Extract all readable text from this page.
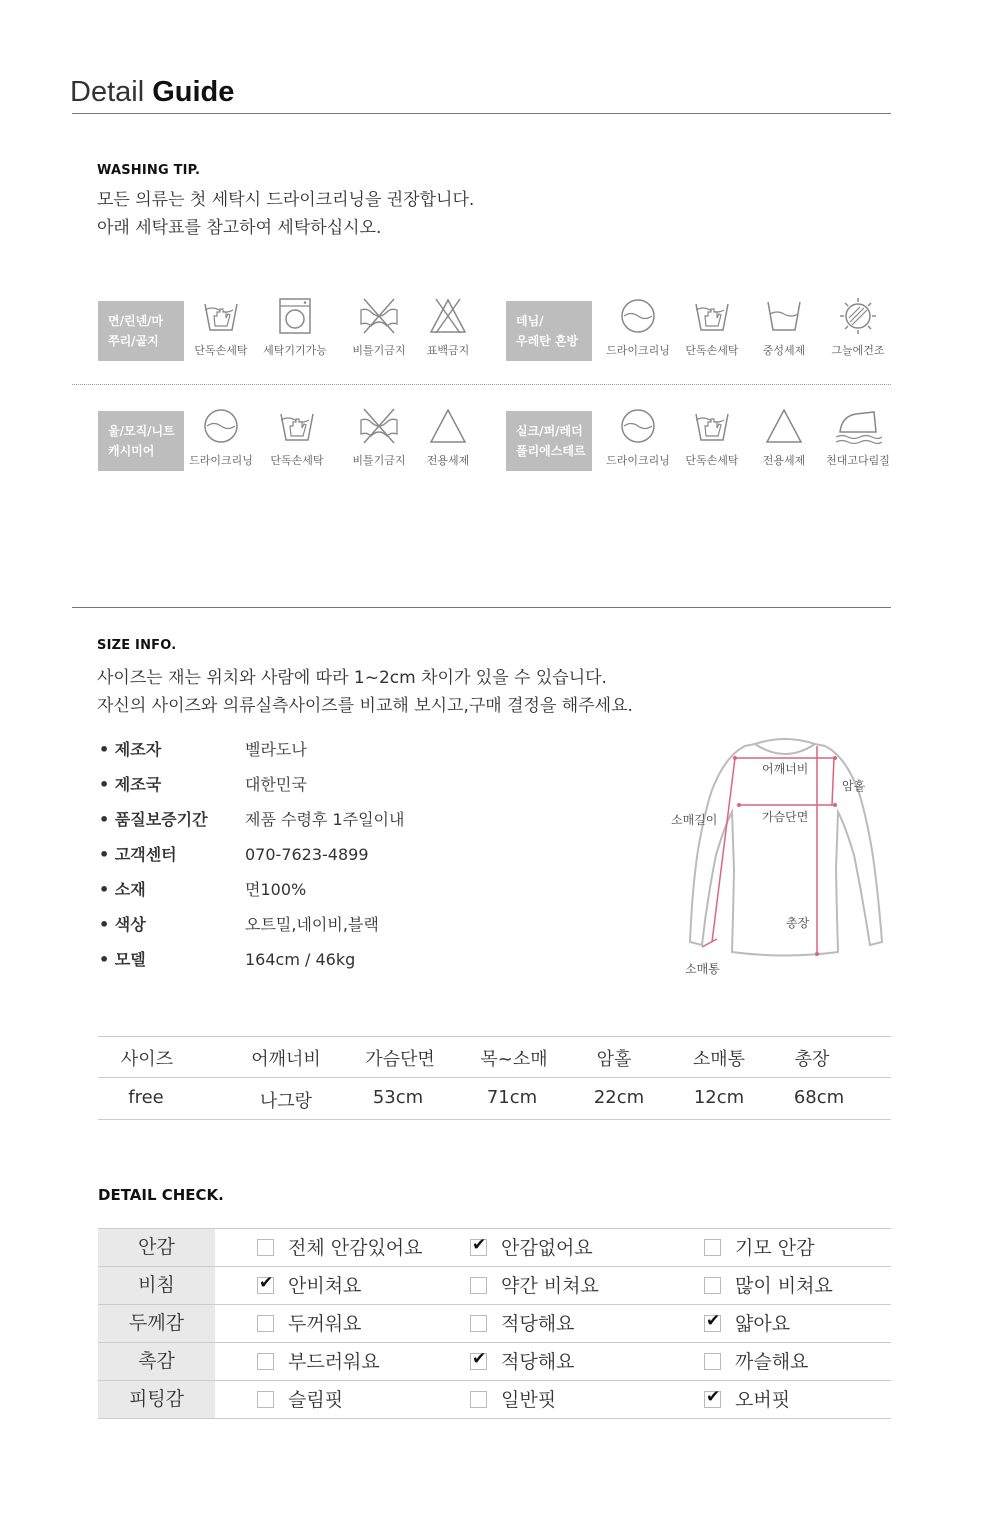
Detail Guide
WASHING TIP.
모든 의류는 첫 세탁시 드라이크리닝을 권장합니다.
아래 세탁표를 참고하여 세탁하십시오.
면/린넨/마
쭈리/골지
단독손세탁	세탁기기가능	비틀기금지	표백금지
데님/
우레탄 혼방
드라이크리닝	단독손세탁	중성세제	그늘에건조
울/모직/니트
캐시미어
드라이크리닝	단독손세탁	비틀기금지	전용세제
실크/퍼/레더
폴리에스테르
드라이크리닝	단독손세탁	전용세제	천대고다림질
SIZE INFO.
사이즈는 재는 위치와 사람에 따라 1~2cm 차이가 있을 수 있습니다.
자신의 사이즈와 의류실측사이즈를 비교해 보시고,구매 결정을 해주세요.
• 제조자	벨라도나
• 제조국	대한민국
• 품질보증기간	제품 수령후 1주일이내
• 고객센터	070-7623-4899
• 소재	면100%
• 색상	오트밀,네이비,블랙
• 모델	164cm / 46kg
어깨너비
암홀
소매길이	가슴단면
총장
소매통
사이즈	어깨너비	가슴단면	목~소매	암홀	소매통	총장
free	나그랑	53cm	71cm	22cm	12cm	68cm
DETAIL CHECK.
안감	전체 안감있어요	✔ 안감없어요	기모 안감
비침	✔ 안비쳐요	약간 비쳐요	많이 비쳐요
두께감	두꺼워요	적당해요	✔ 얇아요
촉감	부드러워요	✔ 적당해요	까슬해요
피팅감	슬림핏	일반핏	✔ 오버핏
